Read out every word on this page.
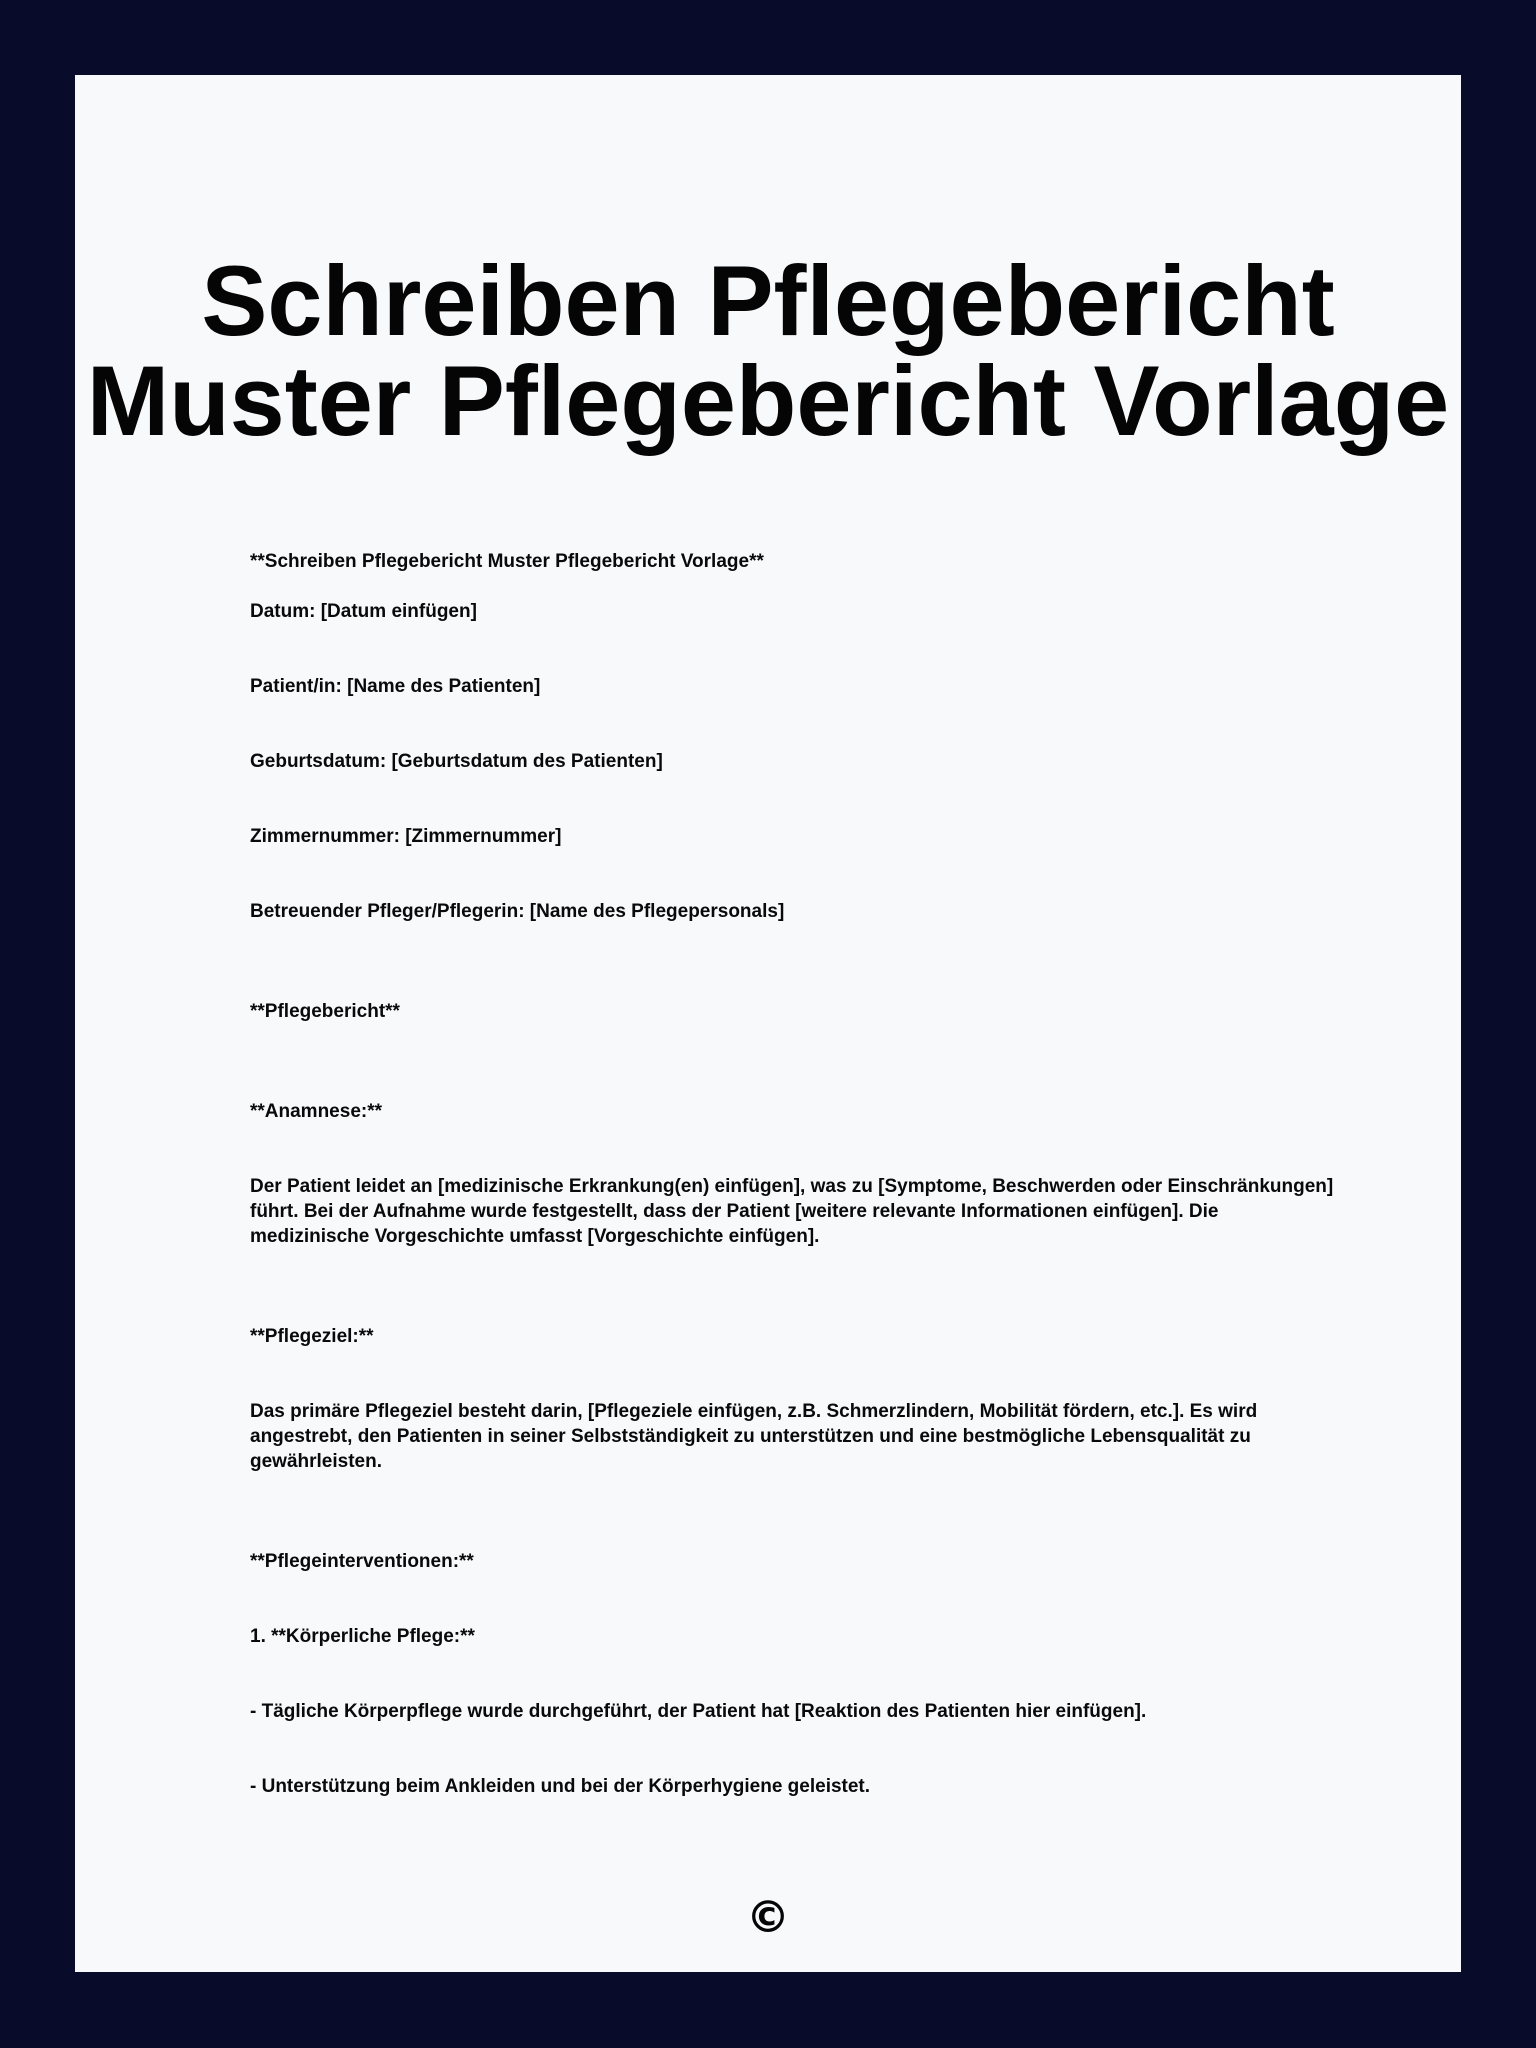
Schreiben Pflegebericht
Muster Pflegebericht Vorlage

**Schreiben Pflegebericht Muster Pflegebericht Vorlage**

Datum: [Datum einfügen]

Patient/in: [Name des Patienten]

Geburtsdatum: [Geburtsdatum des Patienten]

Zimmernummer: [Zimmernummer]

Betreuender Pfleger/Pflegerin: [Name des Pflegepersonals]

**Pflegebericht**

**Anamnese:**

Der Patient leidet an [medizinische Erkrankung(en) einfügen], was zu [Symptome, Beschwerden oder Einschränkungen] führt. Bei der Aufnahme wurde festgestellt, dass der Patient [weitere relevante Informationen einfügen]. Die medizinische Vorgeschichte umfasst [Vorgeschichte einfügen].

**Pflegeziel:**

Das primäre Pflegeziel besteht darin, [Pflegeziele einfügen, z.B. Schmerzlindern, Mobilität fördern, etc.]. Es wird angestrebt, den Patienten in seiner Selbstständigkeit zu unterstützen und eine bestmögliche Lebensqualität zu gewährleisten.

**Pflegeinterventionen:**

1. **Körperliche Pflege:**

- Tägliche Körperpflege wurde durchgeführt, der Patient hat [Reaktion des Patienten hier einfügen].

- Unterstützung beim Ankleiden und bei der Körperhygiene geleistet.

©
